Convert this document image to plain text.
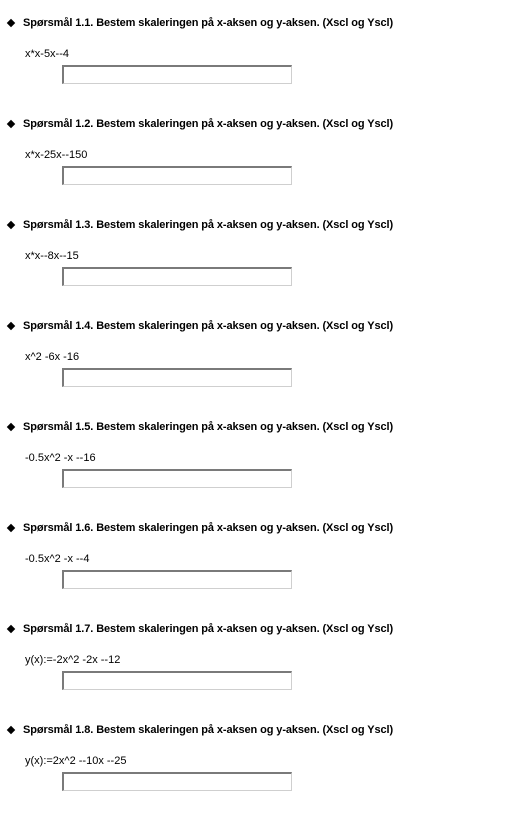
Spørsmål 1.1. Bestem skaleringen på x-aksen og y-aksen. (Xscl og Yscl)
x*x-5x--4
Spørsmål 1.2. Bestem skaleringen på x-aksen og y-aksen. (Xscl og Yscl)
x*x-25x--150
Spørsmål 1.3. Bestem skaleringen på x-aksen og y-aksen. (Xscl og Yscl)
x*x--8x--15
Spørsmål 1.4. Bestem skaleringen på x-aksen og y-aksen. (Xscl og Yscl)
x^2 -6x -16
Spørsmål 1.5. Bestem skaleringen på x-aksen og y-aksen. (Xscl og Yscl)
-0.5x^2 -x --16
Spørsmål 1.6. Bestem skaleringen på x-aksen og y-aksen. (Xscl og Yscl)
-0.5x^2 -x --4
Spørsmål 1.7. Bestem skaleringen på x-aksen og y-aksen. (Xscl og Yscl)
y(x):=-2x^2 -2x --12
Spørsmål 1.8. Bestem skaleringen på x-aksen og y-aksen. (Xscl og Yscl)
y(x):=2x^2 --10x --25
